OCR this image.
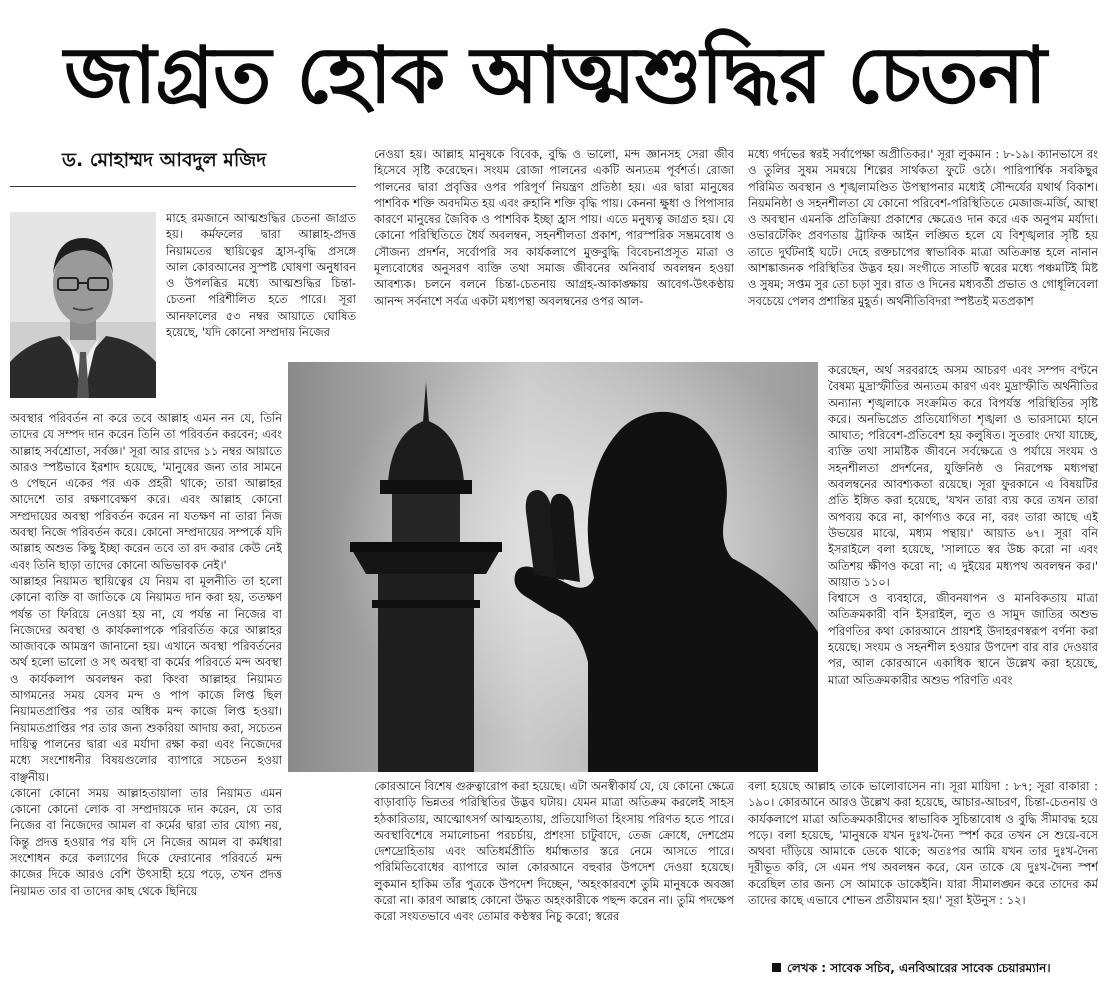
জাগ্রত হোক আত্মশুদ্ধির চেতনা
ড. মোহাম্মদ আবদুল মজিদ

মাহে রমজানে আত্মশুদ্ধির চেতনা জাগ্রত হয়। কর্মফলের দ্বারা আল্লাহ-প্রদত্ত নিয়ামতের স্থায়িত্বের হ্রাস-বৃদ্ধি প্রসঙ্গে আল কোরআনের সুস্পষ্ট ঘোষণা অনুধাবন ও উপলব্ধির মধ্যে আত্মশুদ্ধির চিন্তা-চেতনা পরিশীলিত হতে পারে। সূরা আনফালের ৫৩ নম্বর আয়াতে ঘোষিত হয়েছে, 'যদি কোনো সম্প্রদায় নিজের

অবস্থার পরিবর্তন না করে তবে আল্লাহ এমন নন যে, তিনি তাদের যে সম্পদ দান করেন তিনি তা পরিবর্তন করবেন; এবং আল্লাহ সর্বশ্রোতা, সর্বজ্ঞ।' সূরা আর রাদের ১১ নম্বর আয়াতে আরও স্পষ্টভাবে ইরশাদ হয়েছে, 'মানুষের জন্য তার সামনে ও পেছনে একের পর এক প্রহরী থাকে; তারা আল্লাহর আদেশে তার রক্ষণাবেক্ষণ করে। এবং আল্লাহ কোনো সম্প্রদায়ের অবস্থা পরিবর্তন করেন না যতক্ষণ না তারা নিজ অবস্থা নিজে পরিবর্তন করে। কোনো সম্প্রদায়ের সম্পর্কে যদি আল্লাহ অশুভ কিছু ইচ্ছা করেন তবে তা রদ করার কেউ নেই এবং তিনি ছাড়া তাদের কোনো অভিভাবক নেই।'

আল্লাহর নিয়ামত স্থায়িত্বের যে নিয়ম বা মূলনীতি তা হলো কোনো ব্যক্তি বা জাতিকে যে নিয়ামত দান করা হয়, ততক্ষণ পর্যন্ত তা ফিরিয়ে নেওয়া হয় না, যে পর্যন্ত না নিজের বা নিজেদের অবস্থা ও কার্যকলাপকে পরিবর্তিত করে আল্লাহর আজাবকে আমন্ত্রণ জানানো হয়। এখানে অবস্থা পরিবর্তনের অর্থ হলো ভালো ও সৎ অবস্থা বা কর্মের পরিবর্তে মন্দ অবস্থা ও কার্যকলাপ অবলম্বন করা কিংবা আল্লাহর নিয়ামত আগমনের সময় যেসব মন্দ ও পাপ কাজে লিপ্ত ছিল নিয়ামতপ্রাপ্তির পর তার অধিক মন্দ কাজে লিপ্ত হওয়া। নিয়ামতপ্রাপ্তির পর তার জন্য শুকরিয়া আদায় করা, সচেতন দায়িত্ব পালনের দ্বারা এর মর্যাদা রক্ষা করা এবং নিজেদের মধ্যে সংশোধনীর বিষয়গুলোর ব্যাপারে সচেতন হওয়া বাঞ্ছনীয়।

কোনো কোনো সময় আল্লাহতায়ালা তার নিয়ামত এমন কোনো কোনো লোক বা সম্প্রদায়কে দান করেন, যে তার নিজের বা নিজেদের আমল বা কর্মের দ্বারা তার যোগ্য নয়, কিন্তু প্রদত্ত হওয়ার পর যদি সে নিজের আমল বা কর্মধারা সংশোধন করে কল্যাণের দিকে ফেরানোর পরিবর্তে মন্দ কাজের দিকে আরও বেশি উৎসাহী হয়ে পড়ে, তখন প্রদত্ত নিয়ামত তার বা তাদের কাছ থেকে ছিনিয়ে

নেওয়া হয়। আল্লাহ মানুষকে বিবেক, বুদ্ধি ও ভালো, মন্দ জ্ঞানসহ সেরা জীব হিসেবে সৃষ্টি করেছেন। সংযম রোজা পালনের একটি অন্যতম পূর্বশর্ত। রোজা পালনের দ্বারা প্রবৃত্তির ওপর পরিপূর্ণ নিয়ন্ত্রণ প্রতিষ্ঠা হয়। এর দ্বারা মানুষের পাশবিক শক্তি অবদমিত হয় এবং রুহানি শক্তি বৃদ্ধি পায়। কেননা ক্ষুধা ও পিপাসার কারণে মানুষের জৈবিক ও পাশবিক ইচ্ছা হ্রাস পায়। এতে মনুষ্যত্ব জাগ্রত হয়। যে কোনো পরিস্থিতিতে ধৈর্য অবলম্বন, সহনশীলতা প্রকাশ, পারস্পরিক সম্ভ্রমবোধ ও সৌজন্য প্রদর্শন, সর্বোপরি সব কার্যকলাপে মুক্তবুদ্ধি বিবেচনাপ্রসূত মাত্রা ও মূল্যবোধের অনুসরণ ব্যক্তি তথা সমাজ জীবনের অনিবার্য অবলম্বন হওয়া আবশ্যক। চলনে বলনে চিন্তা-চেতনায় আগ্রহ-আকাঙ্ক্ষায় আবেগ-উৎকণ্ঠায় আনন্দ সর্বনাশে সর্বত্র একটা মধ্যপন্থা অবলম্বনের ওপর আল-

কোরআনে বিশেষ গুরুত্বারোপ করা হয়েছে। এটা অনস্বীকার্য যে, যে কোনো ক্ষেত্রে বাড়াবাড়ি ভিন্নতর পরিস্থিতির উদ্ভব ঘটায়। যেমন মাত্রা অতিক্রম করলেই সাহস হঠকারিতায়, আত্মোৎসর্গ আত্মহত্যায়, প্রতিযোগিতা হিংসায় পরিণত হতে পারে। অবস্থাবিশেষে সমালোচনা পরচর্চায়, প্রশংসা চাটুবাদে, তেজ ক্রোধে, দেশপ্রেম দেশদ্রোহিতায় এবং অতিধর্মপ্রীতি ধর্মান্ধতার স্তরে নেমে আসতে পারে। পরিমিতিবোধের ব্যাপারে আল কোরআনে বহুবার উপদেশ দেওয়া হয়েছে। লুকমান হাকিম তাঁর পুত্রকে উপদেশ দিচ্ছেন, 'অহংকারবশে তুমি মানুষকে অবজ্ঞা করো না। কারণ আল্লাহ কোনো উদ্ধত অহংকারীকে পছন্দ করেন না। তুমি পদক্ষেপ করো সংযতভাবে এবং তোমার কণ্ঠস্বর নিচু করো; স্বরের

মধ্যে গর্দভের স্বরই সর্বাপেক্ষা অপ্রীতিকর।' সূরা লুকমান : ৮-১৯। ক্যানভাসে রং ও তুলির সুষম সমন্বয়ে শিল্পের সার্থকতা ফুটে ওঠে। পারিপার্শ্বিক সবকিছুর পরিমিত অবস্থান ও শৃঙ্খলামণ্ডিত উপস্থাপনার মধ্যেই সৌন্দর্যের যথার্থ বিকাশ। নিয়মনিষ্ঠা ও সহনশীলতা যে কোনো পরিবেশ-পরিস্থিতিতে মেজাজ-মর্জি, আস্থা ও অবস্থান এমনকি প্রতিক্রিয়া প্রকাশের ক্ষেত্রেও দান করে এক অনুপম মর্যাদা। ওভারটেকিং প্রবণতায় ট্রাফিক আইন লঙ্ঘিত হলে যে বিশৃঙ্খলার সৃষ্টি হয় তাতে দুর্ঘটনাই ঘটে। দেহে রক্তচাপের স্বাভাবিক মাত্রা অতিক্রান্ত হলে নানান আশঙ্কাজনক পরিস্থিতির উদ্ভব হয়। সংগীতে সাতটি স্বরের মধ্যে পঞ্চমটিই মিষ্ট ও সুষম; সপ্তম সুর তো চড়া সুর। রাত ও দিনের মধ্যবর্তী প্রভাত ও গোধূলিবেলা সবচেয়ে পেলব প্রশান্তির মুহূর্ত। অর্থনীতিবিদরা স্পষ্টতই মতপ্রকাশ

করেছেন, অর্থ সরবরাহে অসম আচরণ এবং সম্পদ বণ্টনে বৈষম্য মুদ্রাস্ফীতির অন্যতম কারণ এবং মুদ্রাস্ফীতি অর্থনীতির অন্যান্য শৃঙ্খলাকে সংক্রমিত করে বিপর্যস্ত পরিস্থিতির সৃষ্টি করে। অনভিপ্রেত প্রতিযোগিতা শৃঙ্খলা ও ভারসাম্যে হানে আঘাত; পরিবেশ-প্রতিবেশ হয় কলুষিত। সুতরাং দেখা যাচ্ছে, ব্যক্তি তথা সামষ্টিক জীবনে সর্বক্ষেত্রে ও পর্যায়ে সংযম ও সহনশীলতা প্রদর্শনের, যুক্তিনিষ্ঠ ও নিরপেক্ষ মধ্যপন্থা অবলম্বনের আবশ্যকতা রয়েছে। সূরা ফুরকানে এ বিষয়টির প্রতি ইঙ্গিত করা হয়েছে, 'যখন তারা ব্যয় করে তখন তারা অপব্যয় করে না, কার্পণ্যও করে না, বরং তারা আছে এই উভয়ের মাঝে, মধ্যম পন্থায়।' আয়াত ৬৭। সূরা বনি ইসরাইলে বলা হয়েছে, 'সালাতে স্বর উচ্চ করো না এবং অতিশয় ক্ষীণও করো না; এ দুইয়ের মধ্যপথ অবলম্বন কর।' আয়াত ১১০।

বিশ্বাসে ও ব্যবহারে, জীবনযাপন ও মানবিকতায় মাত্রা অতিক্রমকারী বনি ইসরাইল, লুত ও সামুদ জাতির অশুভ পরিণতির কথা কোরআনে প্রায়শই উদাহরণস্বরূপ বর্ণনা করা হয়েছে। সংযম ও সহনশীল হওয়ার উপদেশ বার বার দেওয়ার পর, আল কোরআনে একাধিক স্থানে উল্লেখ করা হয়েছে, মাত্রা অতিক্রমকারীর অশুভ পরিণতি এবং

বলা হয়েছে আল্লাহ তাকে ভালোবাসেন না। সূরা মায়িদা : ৮৭; সূরা বাকারা : ১৯০। কোরআনে আরও উল্লেখ করা হয়েছে, আচার-আচরণ, চিন্তা-চেতনায় ও কার্যকলাপে মাত্রা অতিক্রমকারীদের স্বাভাবিক সুচিন্তাবোধ ও বুদ্ধি সীমাবদ্ধ হয়ে পড়ে। বলা হয়েছে, 'মানুষকে যখন দুঃখ-দৈন্য স্পর্শ করে তখন সে শুয়ে-বসে অথবা দাঁড়িয়ে আমাকে ডেকে থাকে; অতঃপর আমি যখন তার দুঃখ-দৈন্য দূরীভূত করি, সে এমন পথ অবলম্বন করে, যেন তাকে যে দুঃখ-দৈন্য স্পর্শ করেছিল তার জন্য সে আমাকে ডাকেইনি। যারা সীমালঙ্ঘন করে তাদের কর্ম তাদের কাছে এভাবে শোভন প্রতীয়মান হয়।' সূরা ইউনুস : ১২।

লেখক : সাবেক সচিব, এনবিআরের সাবেক চেয়ারম্যান।
